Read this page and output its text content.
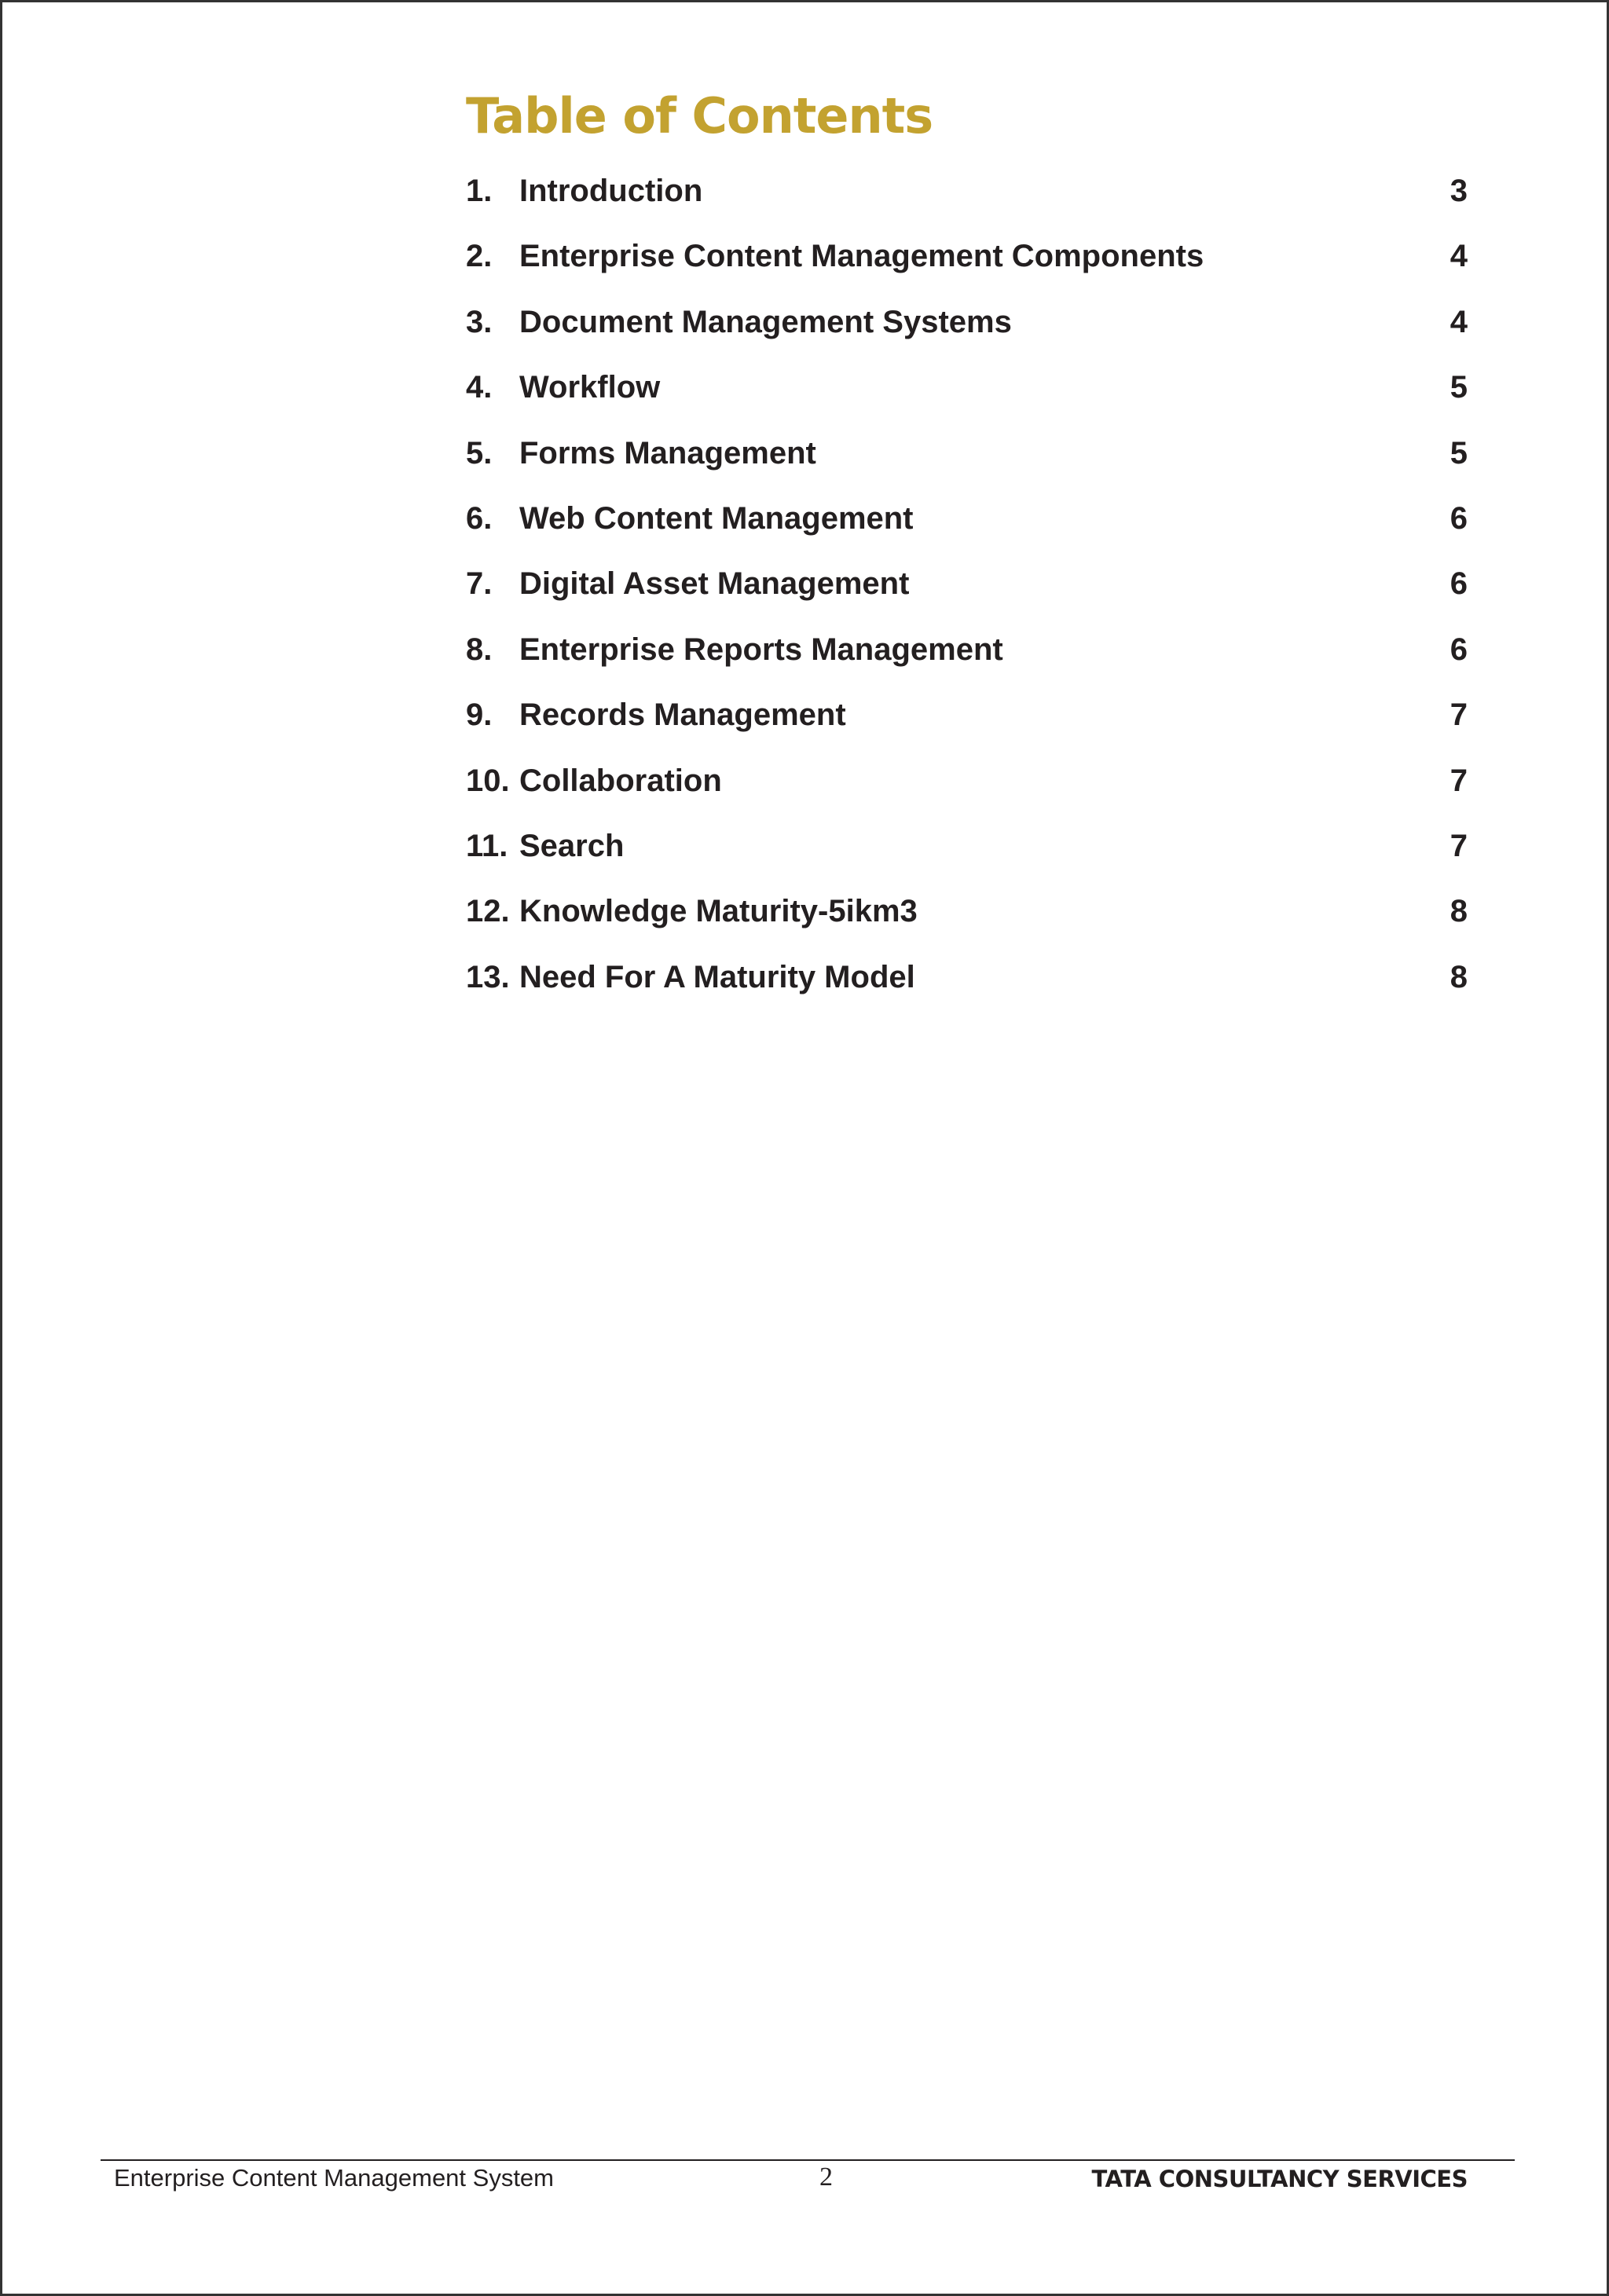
Table of Contents
1. Introduction	3
2. Enterprise Content Management Components	4
3. Document Management Systems	4
4. Workflow	5
5. Forms Management	5
6. Web Content Management	6
7. Digital Asset Management	6
8. Enterprise Reports Management	6
9. Records Management	7
10. Collaboration	7
11. Search	7
12. Knowledge Maturity-5ikm3	8
13. Need For A Maturity Model	8
Enterprise Content Management System	2	TATA CONSULTANCY SERVICES
